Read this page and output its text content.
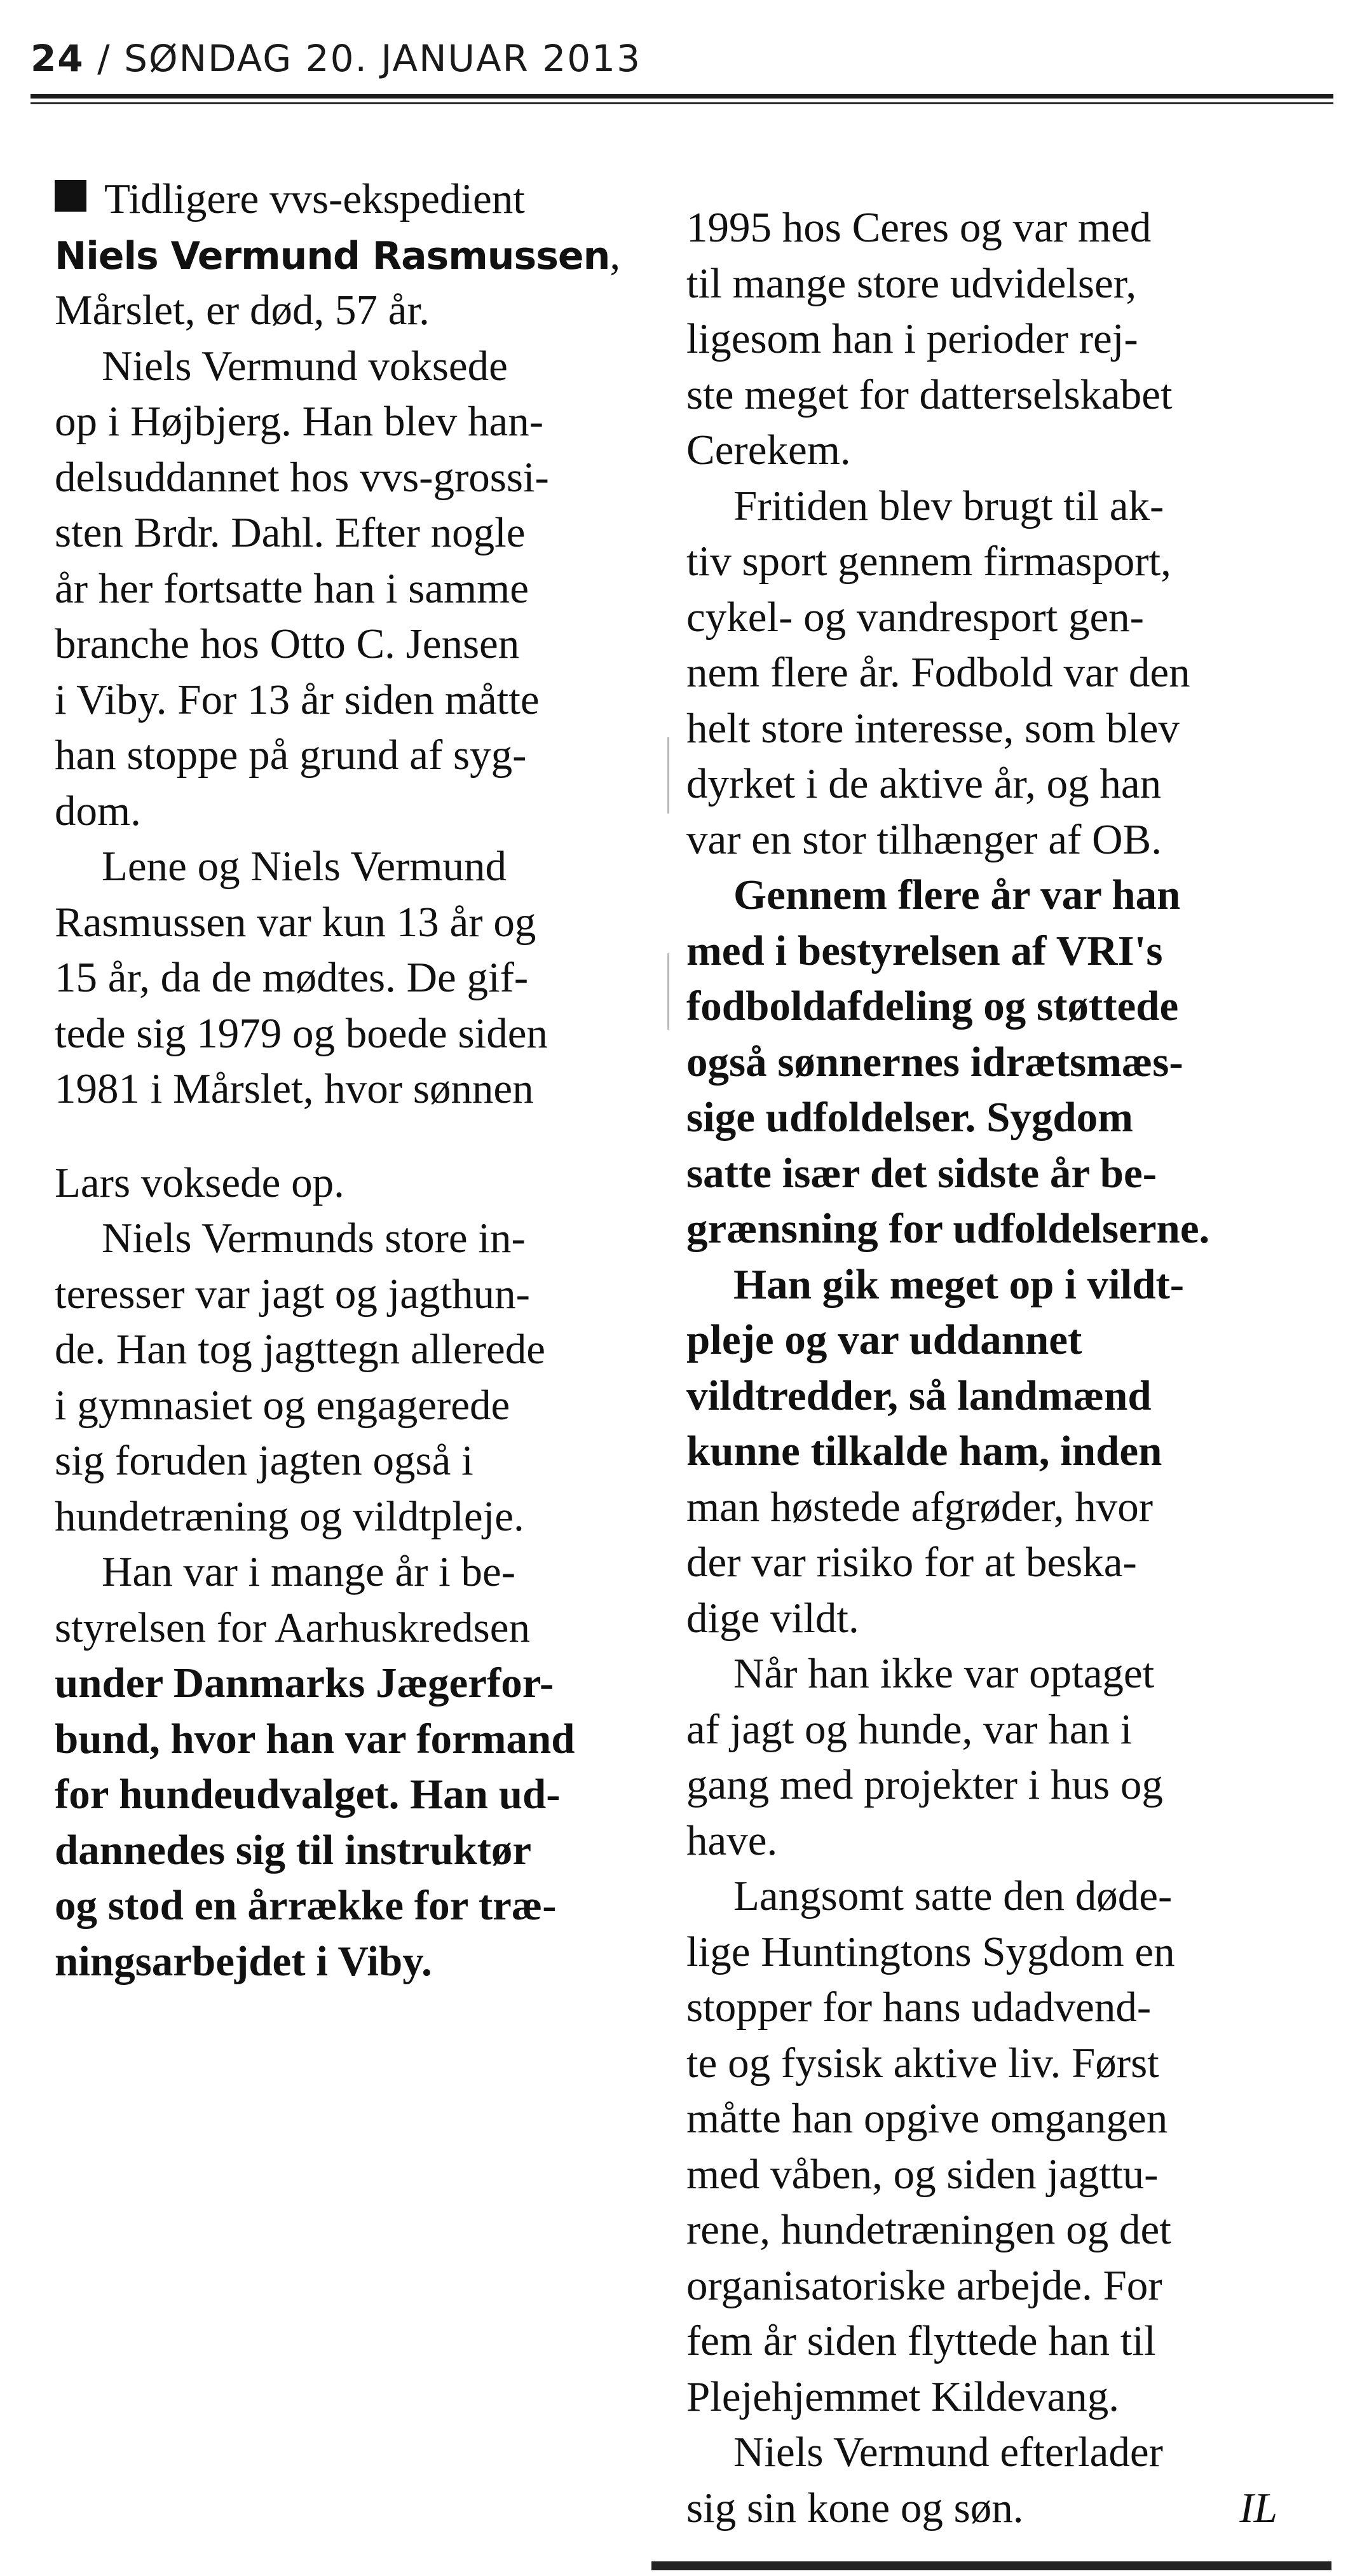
24 / SØNDAG 20. JANUAR 2013
Tidligere vvs-ekspedient
Niels Vermund Rasmussen,
Mårslet, er død, 57 år.
Niels Vermund voksede
op i Højbjerg. Han blev han-
delsuddannet hos vvs-grossi-
sten Brdr. Dahl. Efter nogle
år her fortsatte han i samme
branche hos Otto C. Jensen
i Viby. For 13 år siden måtte
han stoppe på grund af syg-
dom.
Lene og Niels Vermund
Rasmussen var kun 13 år og
15 år, da de mødtes. De gif-
tede sig 1979 og boede siden
1981 i Mårslet, hvor sønnen
Lars voksede op.
Niels Vermunds store in-
teresser var jagt og jagthun-
de. Han tog jagttegn allerede
i gymnasiet og engagerede
sig foruden jagten også i
hundetræning og vildtpleje.
Han var i mange år i be-
styrelsen for Aarhuskredsen
under Danmarks Jægerfor-
bund, hvor han var formand
for hundeudvalget. Han ud-
dannedes sig til instruktør
og stod en årrække for træ-
ningsarbejdet i Viby.
1995 hos Ceres og var med
til mange store udvidelser,
ligesom han i perioder rej-
ste meget for datterselskabet
Cerekem.
Fritiden blev brugt til ak-
tiv sport gennem firmasport,
cykel- og vandresport gen-
nem flere år. Fodbold var den
helt store interesse, som blev
dyrket i de aktive år, og han
var en stor tilhænger af OB.
Gennem flere år var han
med i bestyrelsen af VRI's
fodboldafdeling og støttede
også sønnernes idrætsmæs-
sige udfoldelser. Sygdom
satte især det sidste år be-
grænsning for udfoldelserne.
Han gik meget op i vildt-
pleje og var uddannet
vildtredder, så landmænd
kunne tilkalde ham, inden
man høstede afgrøder, hvor
der var risiko for at beska-
dige vildt.
Når han ikke var optaget
af jagt og hunde, var han i
gang med projekter i hus og
have.
Langsomt satte den døde-
lige Huntingtons Sygdom en
stopper for hans udadvend-
te og fysisk aktive liv. Først
måtte han opgive omgangen
med våben, og siden jagttu-
rene, hundetræningen og det
organisatoriske arbejde. For
fem år siden flyttede han til
Plejehjemmet Kildevang.
Niels Vermund efterlader
sig sin kone og søn.	IL
